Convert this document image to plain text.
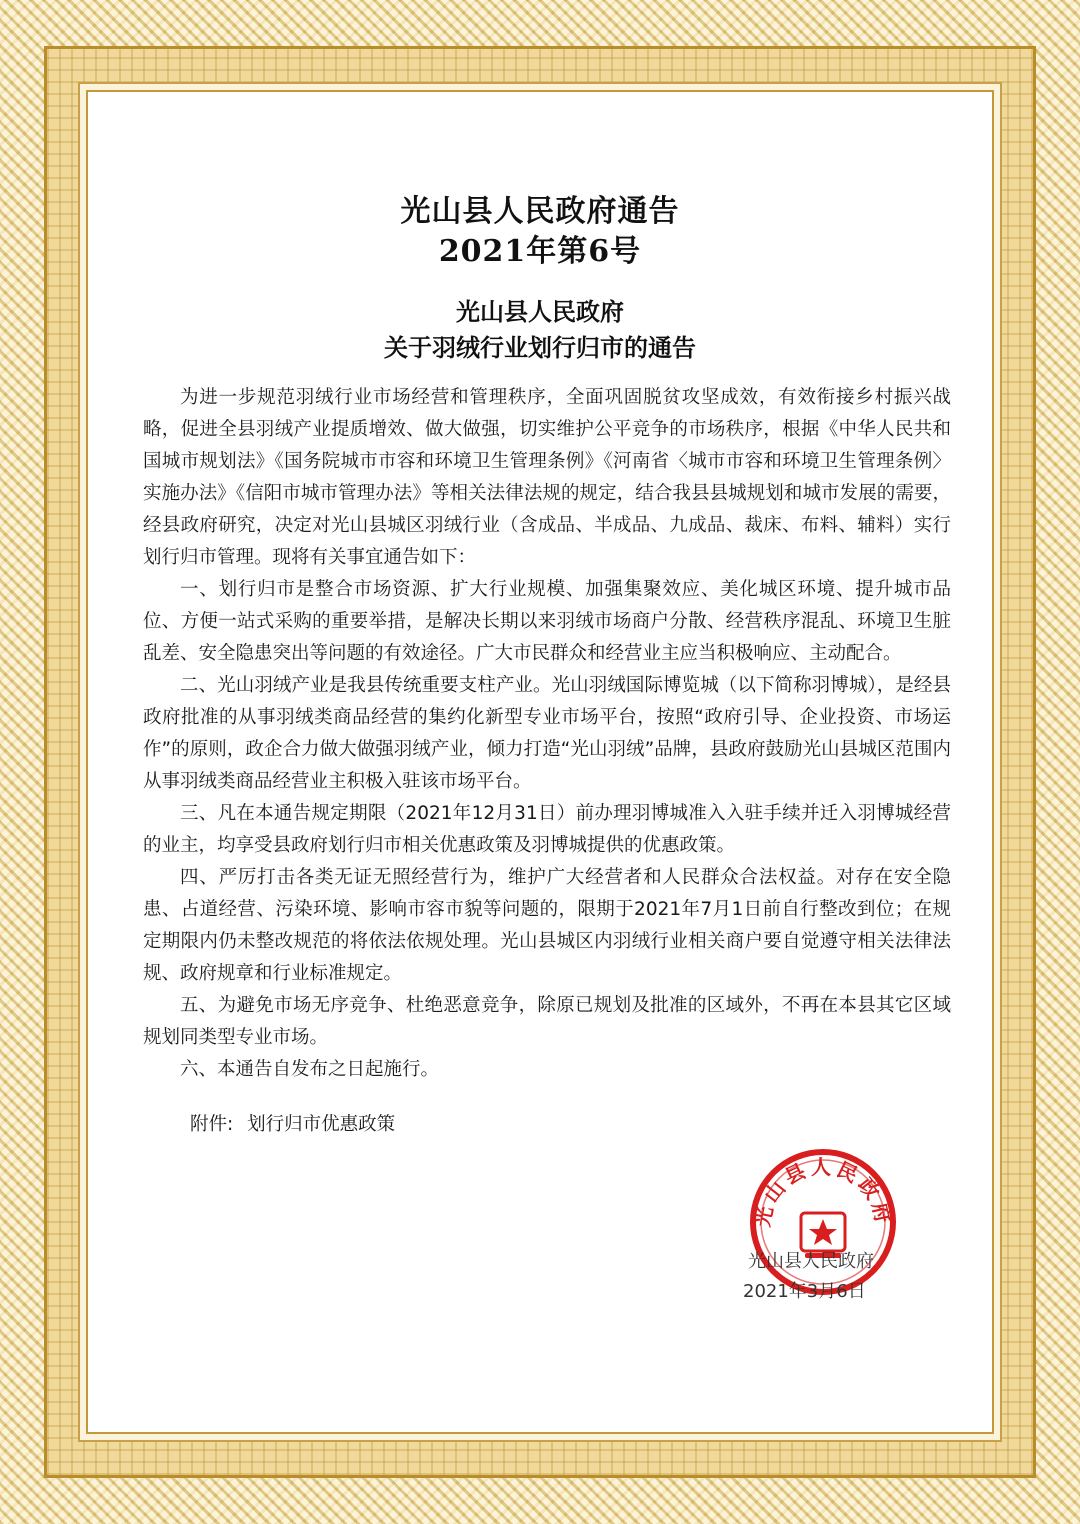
光山县人民政府通告
2021年第6号
光山县人民政府
关于羽绒行业划行归市的通告

为进一步规范羽绒行业市场经营和管理秩序，全面巩固脱贫攻坚成效，有效衔接乡村振兴战略，促进全县羽绒产业提质增效、做大做强，切实维护公平竞争的市场秩序，根据《中华人民共和国城市规划法》《国务院城市市容和环境卫生管理条例》《河南省〈城市市容和环境卫生管理条例〉实施办法》《信阳市城市管理办法》等相关法律法规的规定，结合我县县城规划和城市发展的需要，经县政府研究，决定对光山县城区羽绒行业（含成品、半成品、九成品、裁床、布料、辅料）实行划行归市管理。现将有关事宜通告如下：

一、划行归市是整合市场资源、扩大行业规模、加强集聚效应、美化城区环境、提升城市品位、方便一站式采购的重要举措，是解决长期以来羽绒市场商户分散、经营秩序混乱、环境卫生脏乱差、安全隐患突出等问题的有效途径。广大市民群众和经营业主应当积极响应、主动配合。

二、光山羽绒产业是我县传统重要支柱产业。光山羽绒国际博览城（以下简称羽博城），是经县政府批准的从事羽绒类商品经营的集约化新型专业市场平台，按照“政府引导、企业投资、市场运作”的原则，政企合力做大做强羽绒产业，倾力打造“光山羽绒”品牌，县政府鼓励光山县城区范围内从事羽绒类商品经营业主积极入驻该市场平台。

三、凡在本通告规定期限（2021年12月31日）前办理羽博城准入入驻手续并迁入羽博城经营的业主，均享受县政府划行归市相关优惠政策及羽博城提供的优惠政策。

四、严厉打击各类无证无照经营行为，维护广大经营者和人民群众合法权益。对存在安全隐患、占道经营、污染环境、影响市容市貌等问题的，限期于2021年7月1日前自行整改到位；在规定期限内仍未整改规范的将依法依规处理。光山县城区内羽绒行业相关商户要自觉遵守相关法律法规、政府规章和行业标准规定。

五、为避免市场无序竞争、杜绝恶意竞争，除原已规划及批准的区域外，不再在本县其它区域规划同类型专业市场。

六、本通告自发布之日起施行。

附件: 划行归市优惠政策
光山县人民政府
光山县人民政府
2021年3月6日
